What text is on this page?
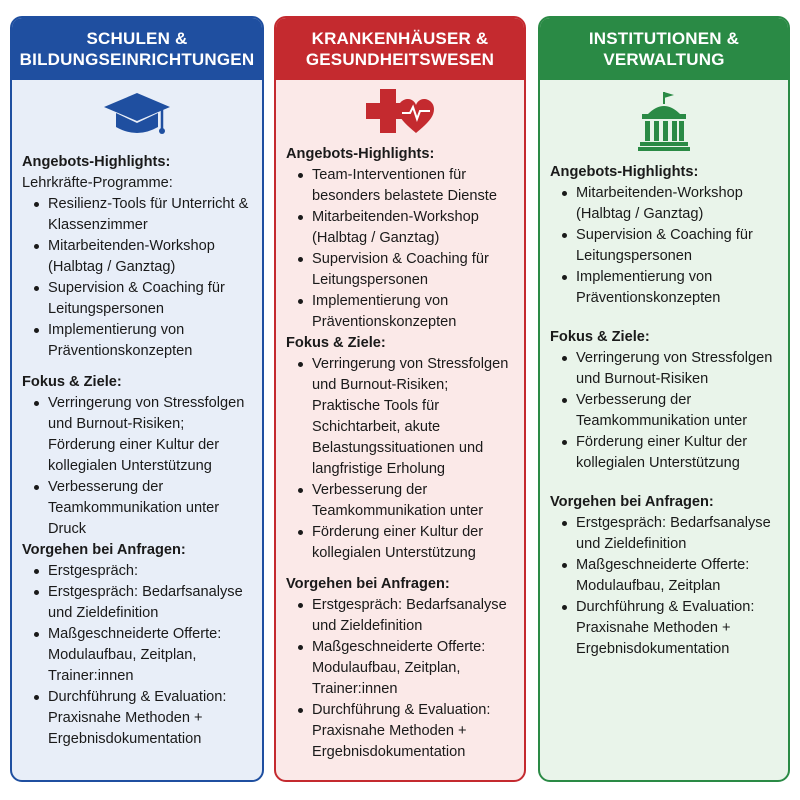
SCHULEN &
BILDUNGSEINRICHTUNGEN
Angebots-Highlights:
Lehrkräfte-Programme:
Resilienz-Tools für Unterricht & Klassenzimmer
Mitarbeitenden-Workshop (Halbtag / Ganztag)
Supervision & Coaching für Leitungspersonen
Implementierung von Präventionskonzepten
Fokus & Ziele:
Verringerung von Stressfolgen und Burnout-Risiken; Förderung einer Kultur der kollegialen Unterstützung
Verbesserung der Teamkommunikation unter Druck
Vorgehen bei Anfragen:
Erstgespräch:
Erstgespräch: Bedarfsanalyse und Zieldefinition
Maßgeschneiderte Offerte: Modulaufbau, Zeitplan, Trainer:innen
Durchführung & Evaluation: Praxisnahe Methoden + Ergebnisdokumentation
KRANKENHÄUSER &
GESUNDHEITSWESEN
Angebots-Highlights:
Team-Interventionen für besonders belastete Dienste
Mitarbeitenden-Workshop (Halbtag / Ganztag)
Supervision & Coaching für Leitungspersonen
Implementierung von Präventionskonzepten
Fokus & Ziele:
Verringerung von Stressfolgen und Burnout-Risiken; Praktische Tools für Schichtarbeit, akute Belastungssituationen und langfristige Erholung
Verbesserung der Teamkommunikation unter
Förderung einer Kultur der kollegialen Unterstützung
Vorgehen bei Anfragen:
Erstgespräch: Bedarfsanalyse und Zieldefinition
Maßgeschneiderte Offerte: Modulaufbau, Zeitplan, Trainer:innen
Durchführung & Evaluation: Praxisnahe Methoden + Ergebnisdokumentation
INSTITUTIONEN &
VERWALTUNG
Angebots-Highlights:
Mitarbeitenden-Workshop (Halbtag / Ganztag)
Supervision & Coaching für Leitungspersonen
Implementierung von Präventionskonzepten
Fokus & Ziele:
Verringerung von Stressfolgen und Burnout-Risiken
Verbesserung der Teamkommunikation unter
Förderung einer Kultur der kollegialen Unterstützung
Vorgehen bei Anfragen:
Erstgespräch: Bedarfsanalyse und Zieldefinition
Maßgeschneiderte Offerte: Modulaufbau, Zeitplan
Durchführung & Evaluation: Praxisnahe Methoden + Ergebnisdokumentation
